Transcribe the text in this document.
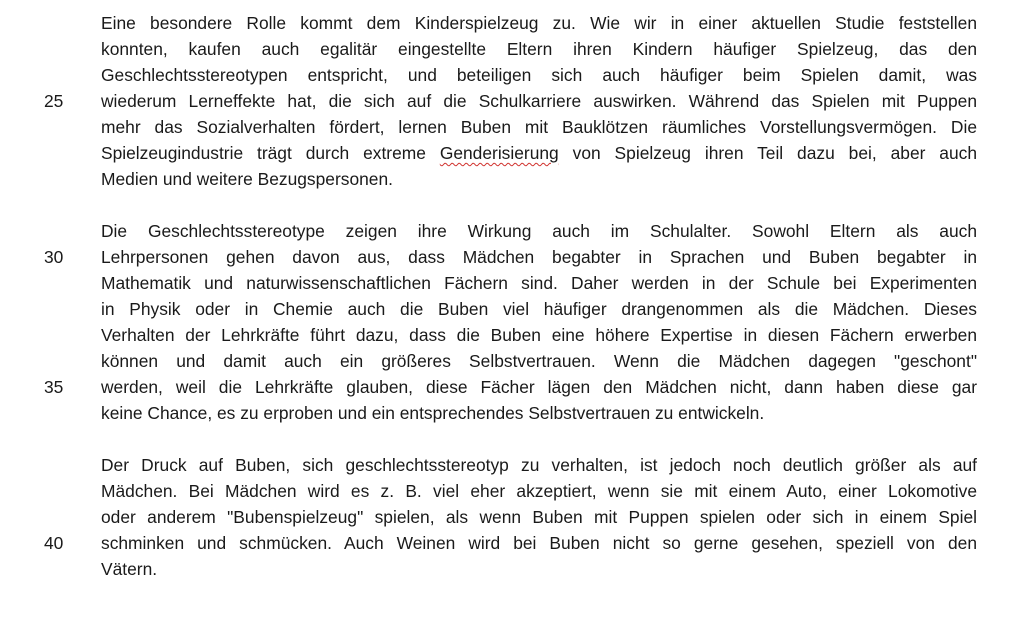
25
30
35
40
Eine besondere Rolle kommt dem Kinderspielzeug zu. Wie wir in einer aktuellen Studie feststellen
konnten, kaufen auch egalitär eingestellte Eltern ihren Kindern häufiger Spielzeug, das den
Geschlechtsstereotypen entspricht, und beteiligen sich auch häufiger beim Spielen damit, was
wiederum Lerneffekte hat, die sich auf die Schulkarriere auswirken. Während das Spielen mit Puppen
mehr das Sozialverhalten fördert, lernen Buben mit Bauklötzen räumliches Vorstellungsvermögen. Die
Spielzeugindustrie trägt durch extreme Genderisierung von Spielzeug ihren Teil dazu bei, aber auch
Medien und weitere Bezugspersonen.
Die Geschlechtsstereotype zeigen ihre Wirkung auch im Schulalter. Sowohl Eltern als auch
Lehrpersonen gehen davon aus, dass Mädchen begabter in Sprachen und Buben begabter in
Mathematik und naturwissenschaftlichen Fächern sind. Daher werden in der Schule bei Experimenten
in Physik oder in Chemie auch die Buben viel häufiger drangenommen als die Mädchen. Dieses
Verhalten der Lehrkräfte führt dazu, dass die Buben eine höhere Expertise in diesen Fächern erwerben
können und damit auch ein größeres Selbstvertrauen. Wenn die Mädchen dagegen "geschont"
werden, weil die Lehrkräfte glauben, diese Fächer lägen den Mädchen nicht, dann haben diese gar
keine Chance, es zu erproben und ein entsprechendes Selbstvertrauen zu entwickeln.
Der Druck auf Buben, sich geschlechtsstereotyp zu verhalten, ist jedoch noch deutlich größer als auf
Mädchen. Bei Mädchen wird es z. B. viel eher akzeptiert, wenn sie mit einem Auto, einer Lokomotive
oder anderem "Bubenspielzeug" spielen, als wenn Buben mit Puppen spielen oder sich in einem Spiel
schminken und schmücken. Auch Weinen wird bei Buben nicht so gerne gesehen, speziell von den
Vätern.
